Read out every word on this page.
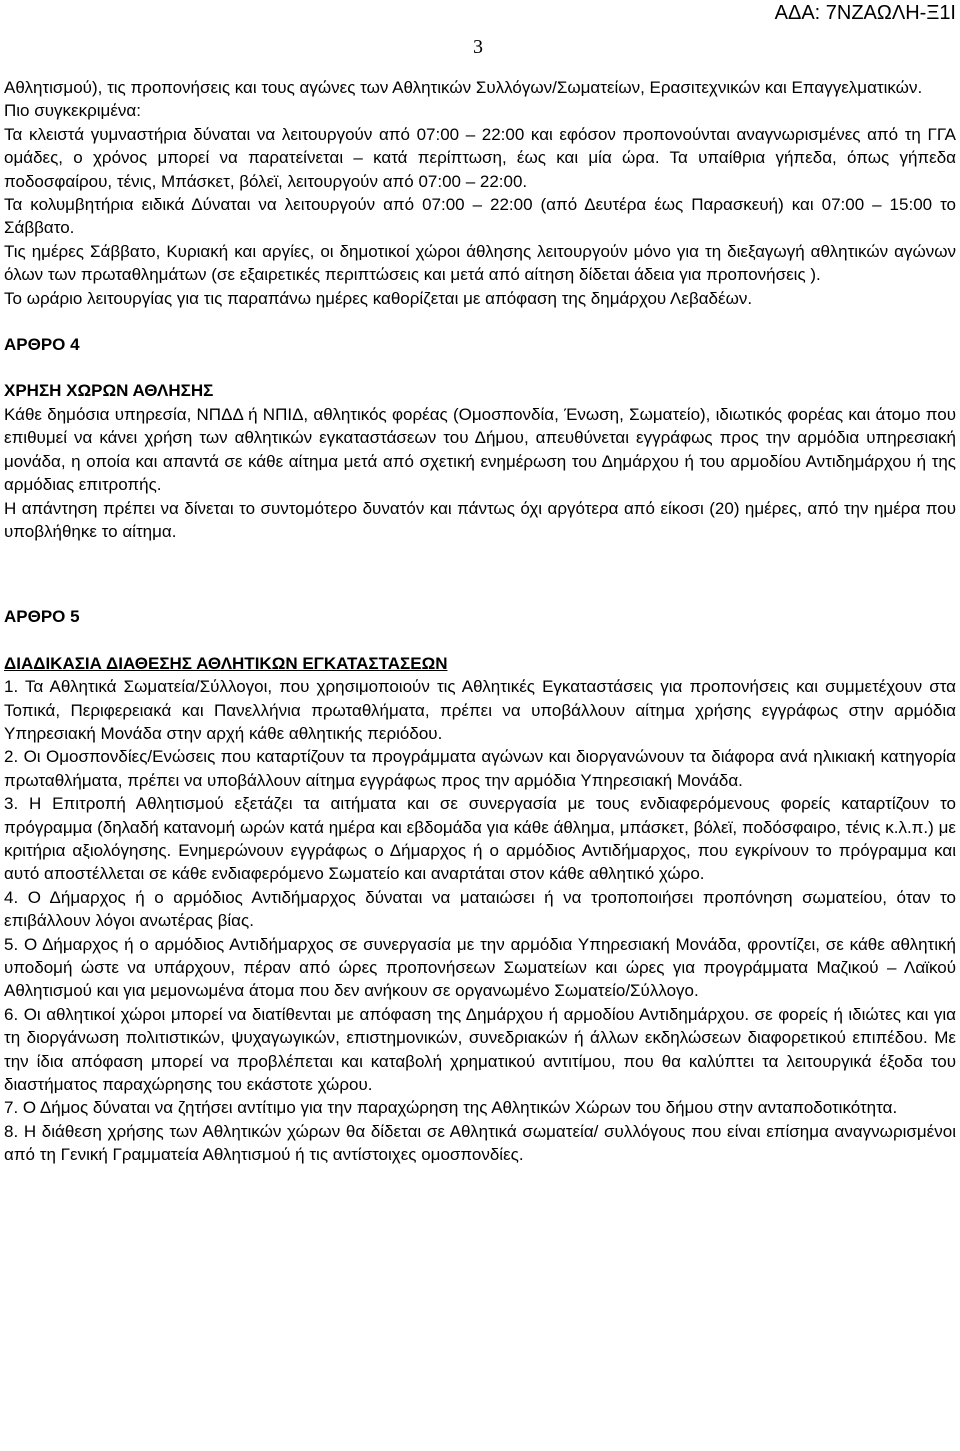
ΑΔΑ: 7ΝΖΑΩΛΗ-Ξ1Ι
3

Αθλητισμού), τις προπονήσεις και τους αγώνες των Αθλητικών Συλλόγων/Σωματείων, Ερασιτεχνικών και Επαγγελματικών.

Πιο συγκεκριμένα:

Τα κλειστά γυμναστήρια δύναται να λειτουργούν από 07:00 – 22:00 και εφόσον προπονούνται αναγνωρισμένες από τη ΓΓΑ ομάδες, ο χρόνος μπορεί να παρατείνεται – κατά περίπτωση, έως και μία ώρα. Τα υπαίθρια γήπεδα, όπως γήπεδα ποδοσφαίρου, τένις, Μπάσκετ, βόλεϊ, λειτουργούν από 07:00 – 22:00.

Τα κολυμβητήρια ειδικά Δύναται να λειτουργούν από 07:00 – 22:00 (από Δευτέρα έως Παρασκευή) και 07:00 – 15:00 το Σάββατο.

Τις ημέρες Σάββατο, Κυριακή και αργίες, οι δημοτικοί χώροι άθλησης λειτουργούν μόνο για τη διεξαγωγή αθλητικών αγώνων όλων των πρωταθλημάτων (σε εξαιρετικές περιπτώσεις και μετά από αίτηση δίδεται άδεια για προπονήσεις ).

Το ωράριο λειτουργίας για τις παραπάνω ημέρες καθορίζεται με απόφαση της δημάρχου Λεβαδέων.

ΑΡΘΡΟ 4

ΧΡΗΣΗ ΧΩΡΩΝ ΑΘΛΗΣΗΣ

Κάθε δημόσια υπηρεσία, ΝΠΔΔ ή ΝΠΙΔ, αθλητικός φορέας (Ομοσπονδία, Ένωση, Σωματείο), ιδιωτικός φορέας και άτομο που επιθυμεί να κάνει χρήση των αθλητικών εγκαταστάσεων του Δήμου, απευθύνεται εγγράφως προς την αρμόδια υπηρεσιακή μονάδα, η οποία και απαντά σε κάθε αίτημα μετά από σχετική ενημέρωση του Δημάρχου ή του αρμοδίου Αντιδημάρχου ή της αρμόδιας επιτροπής.

Η απάντηση πρέπει να δίνεται το συντομότερο δυνατόν και πάντως όχι αργότερα από είκοσι (20) ημέρες, από την ημέρα που υποβλήθηκε το αίτημα.

ΑΡΘΡΟ 5

ΔΙΑΔΙΚΑΣΙΑ ΔΙΑΘΕΣΗΣ ΑΘΛΗΤΙΚΩΝ ΕΓΚΑΤΑΣΤΑΣΕΩΝ

1. Τα Αθλητικά Σωματεία/Σύλλογοι, που χρησιμοποιούν τις Αθλητικές Εγκαταστάσεις για προπονήσεις και συμμετέχουν στα Τοπικά, Περιφερειακά και Πανελλήνια πρωταθλήματα, πρέπει να υποβάλλουν αίτημα χρήσης εγγράφως στην αρμόδια Υπηρεσιακή Μονάδα στην αρχή κάθε αθλητικής περιόδου.

2. Οι Ομοσπονδίες/Ενώσεις που καταρτίζουν τα προγράμματα αγώνων και διοργανώνουν τα διάφορα ανά ηλικιακή κατηγορία πρωταθλήματα, πρέπει να υποβάλλουν αίτημα εγγράφως προς την αρμόδια Υπηρεσιακή Μονάδα.

3. Η Επιτροπή Αθλητισμού εξετάζει τα αιτήματα και σε συνεργασία με τους ενδιαφερόμενους φορείς καταρτίζουν το πρόγραμμα (δηλαδή κατανομή ωρών κατά ημέρα και εβδομάδα για κάθε άθλημα, μπάσκετ, βόλεϊ, ποδόσφαιρο, τένις κ.λ.π.) με κριτήρια αξιολόγησης. Ενημερώνουν εγγράφως ο Δήμαρχος ή ο αρμόδιος Αντιδήμαρχος, που εγκρίνουν το πρόγραμμα και αυτό αποστέλλεται σε κάθε ενδιαφερόμενο Σωματείο και αναρτάται στον κάθε αθλητικό χώρο.

4. Ο Δήμαρχος ή ο αρμόδιος Αντιδήμαρχος δύναται να ματαιώσει ή να τροποποιήσει προπόνηση σωματείου, όταν το επιβάλλουν λόγοι ανωτέρας βίας.

5. Ο Δήμαρχος ή ο αρμόδιος Αντιδήμαρχος σε συνεργασία με την αρμόδια Υπηρεσιακή Μονάδα, φροντίζει, σε κάθε αθλητική υποδομή ώστε να υπάρχουν, πέραν από ώρες προπονήσεων Σωματείων και ώρες για προγράμματα Μαζικού – Λαϊκού Αθλητισμού και για μεμονωμένα άτομα που δεν ανήκουν σε οργανωμένο Σωματείο/Σύλλογο.

6. Οι αθλητικοί χώροι μπορεί να διατίθενται με απόφαση της Δημάρχου ή αρμοδίου Αντιδημάρχου. σε φορείς ή ιδιώτες και για τη διοργάνωση πολιτιστικών, ψυχαγωγικών, επιστημονικών, συνεδριακών ή άλλων εκδηλώσεων διαφορετικού επιπέδου. Με την ίδια απόφαση μπορεί να προβλέπεται και καταβολή χρηματικού αντιτίμου, που θα καλύπτει τα λειτουργικά έξοδα του διαστήματος παραχώρησης του εκάστοτε χώρου.

7. Ο Δήμος δύναται να ζητήσει αντίτιμο για την παραχώρηση της Αθλητικών Χώρων του δήμου στην ανταποδοτικότητα.

8. Η διάθεση χρήσης των Αθλητικών χώρων θα δίδεται σε Αθλητικά σωματεία/ συλλόγους που είναι επίσημα αναγνωρισμένοι από τη Γενική Γραμματεία Αθλητισμού ή τις αντίστοιχες ομοσπονδίες.
